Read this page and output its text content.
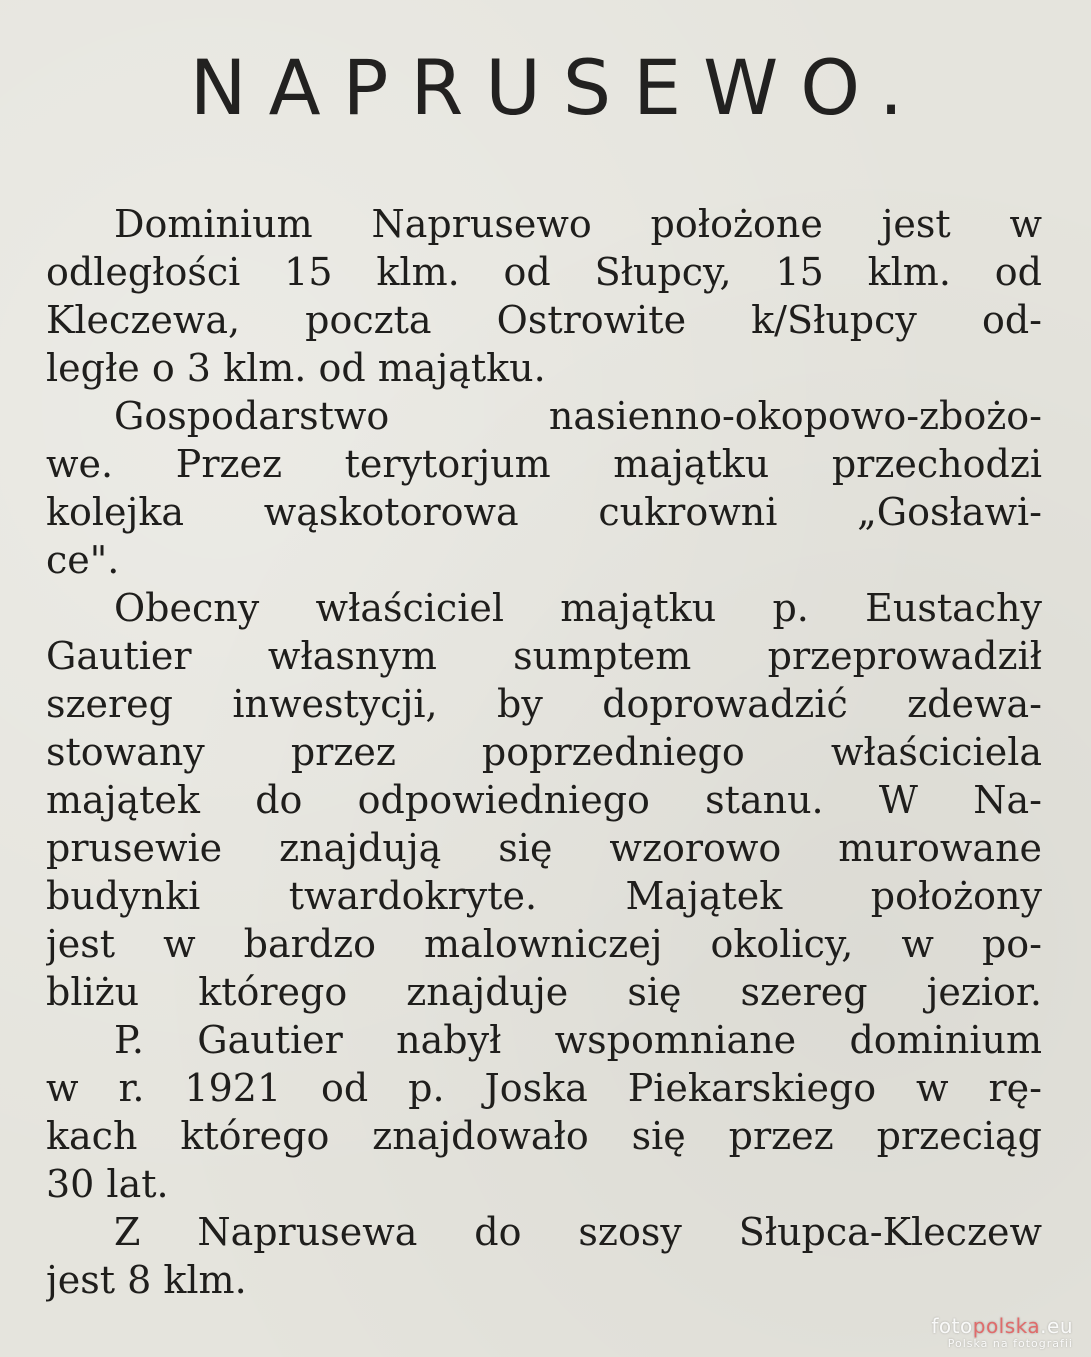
NAPRUSEWO.
Dominium Naprusewo położone jest w
odległości 15 klm. od Słupcy, 15 klm. od
Kleczewa, poczta Ostrowite k/Słupcy od-
ległe o 3 klm. od majątku.
Gospodarstwo nasienno-okopowo-zbożo-
we. Przez terytorjum majątku przechodzi
kolejka wąskotorowa cukrowni „Gosławi-
ce".
Obecny właściciel majątku p. Eustachy
Gautier własnym sumptem przeprowadził
szereg inwestycji, by doprowadzić zdewa-
stowany przez poprzedniego właściciela
majątek do odpowiedniego stanu. W Na-
prusewie znajdują się wzorowo murowane
budynki twardokryte. Majątek położony
jest w bardzo malowniczej okolicy, w po-
bliżu którego znajduje się szereg jezior.
P. Gautier nabył wspomniane dominium
w r. 1921 od p. Joska Piekarskiego w rę-
kach którego znajdowało się przez przeciąg
30 lat.
Z Naprusewa do szosy Słupca-Kleczew
jest 8 klm.
fotopolska.eu
Polska na fotografii
